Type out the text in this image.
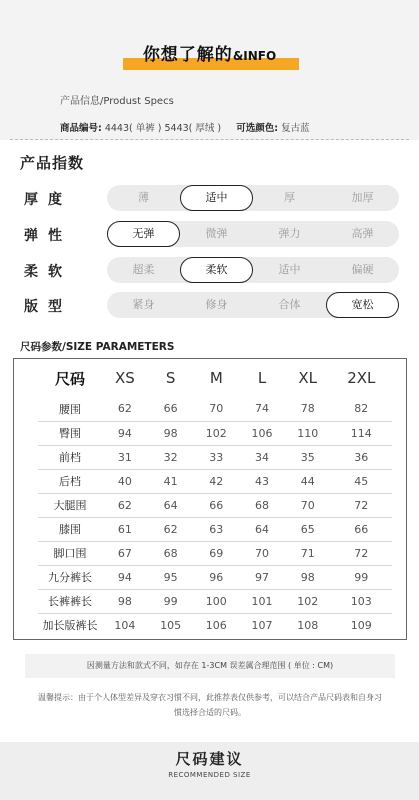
你想了解的&INFO
产品信息/Produst Specs
商品编号: 4443( 单裤 ) 5443( 厚绒 ) 可选颜色: 复古蓝
产品指数
厚度	薄	适中	厚	加厚
弹性	无弹	微弹	弹力	高弹
柔软	超柔	柔软	适中	偏硬
版型	紧身	修身	合体	宽松
尺码参数/SIZE PARAMETERS
尺码	XS	S	M	L	XL	2XL
腰围	62	66	70	74	78	82
臀围	94	98	102	106	110	114
前档	31	32	33	34	35	36
后档	40	41	42	43	44	45
大腿围	62	64	66	68	70	72
膝围	61	62	63	64	65	66
脚口围	67	68	69	70	71	72
九分裤长	94	95	96	97	98	99
长裤裤长	98	99	100	101	102	103
加长版裤长	104	105	106	107	108	109
因测量方法和款式不同，如存在 1-3CM 误差属合理范围 ( 单位 : CM)
温馨提示：由于个人体型差异及穿衣习惯不同，此推荐表仅供参考，可以结合产品尺码表和自身习惯选择合适的尺码。
尺码建议
RECOMMENDED SIZE
